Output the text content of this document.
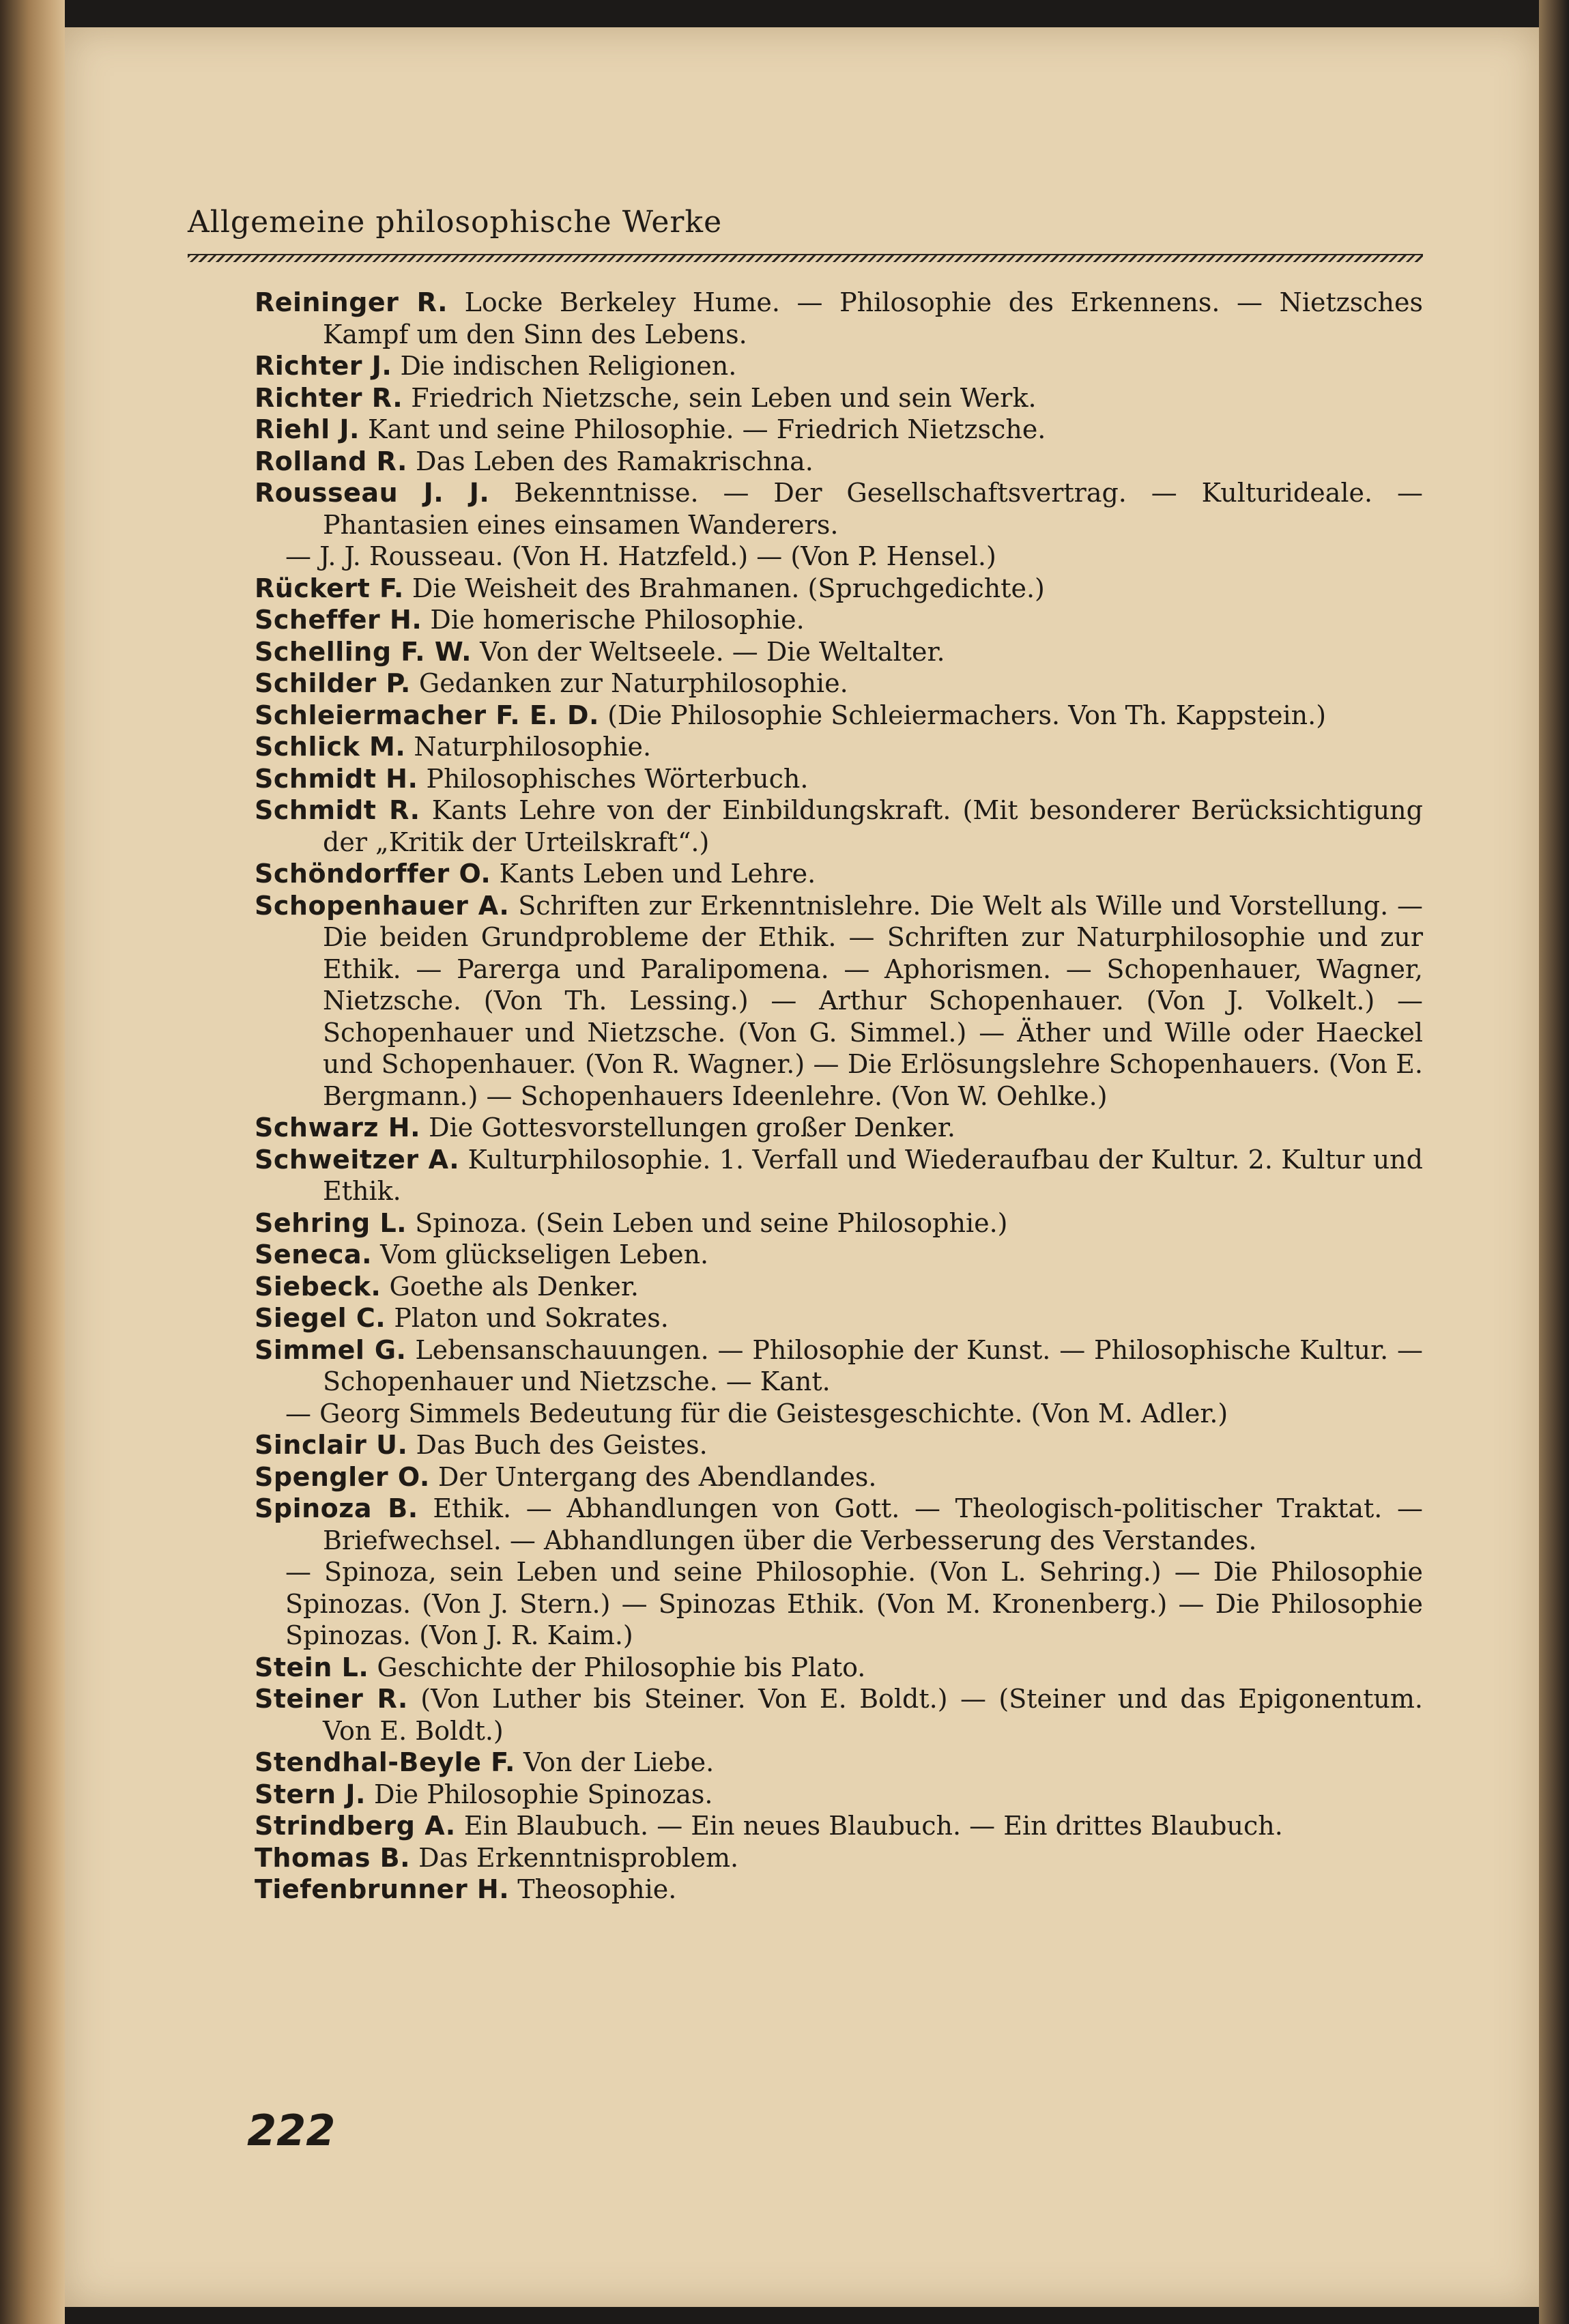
Allgemeine philosophische Werke
Reininger R. Locke Berkeley Hume. — Philosophie des Erkennens. — Nietzsches Kampf um den Sinn des Lebens.
Richter J. Die indischen Religionen.
Richter R. Friedrich Nietzsche, sein Leben und sein Werk.
Riehl J. Kant und seine Philosophie. — Friedrich Nietzsche.
Rolland R. Das Leben des Ramakrischna.
Rousseau J. J. Bekenntnisse. — Der Gesellschaftsvertrag. — Kulturideale. — Phantasien eines einsamen Wanderers.
— J. J. Rousseau. (Von H. Hatzfeld.) — (Von P. Hensel.)
Rückert F. Die Weisheit des Brahmanen. (Spruchgedichte.)
Scheffer H. Die homerische Philosophie.
Schelling F. W. Von der Weltseele. — Die Weltalter.
Schilder P. Gedanken zur Naturphilosophie.
Schleiermacher F. E. D. (Die Philosophie Schleiermachers. Von Th. Kappstein.)
Schlick M. Naturphilosophie.
Schmidt H. Philosophisches Wörterbuch.
Schmidt R. Kants Lehre von der Einbildungskraft. (Mit besonderer Berücksichtigung der „Kritik der Urteilskraft“.)
Schöndorffer O. Kants Leben und Lehre.
Schopenhauer A. Schriften zur Erkenntnislehre. Die Welt als Wille und Vorstellung. — Die beiden Grundprobleme der Ethik. — Schriften zur Naturphilosophie und zur Ethik. — Parerga und Paralipomena. — Aphorismen. — Schopenhauer, Wagner, Nietzsche. (Von Th. Lessing.) — Arthur Schopenhauer. (Von J. Volkelt.) — Schopenhauer und Nietzsche. (Von G. Simmel.) — Äther und Wille oder Haeckel und Schopenhauer. (Von R. Wagner.) — Die Erlösungslehre Schopenhauers. (Von E. Bergmann.) — Schopenhauers Ideenlehre. (Von W. Oehlke.)
Schwarz H. Die Gottesvorstellungen großer Denker.
Schweitzer A. Kulturphilosophie. 1. Verfall und Wiederaufbau der Kultur. 2. Kultur und Ethik.
Sehring L. Spinoza. (Sein Leben und seine Philosophie.)
Seneca. Vom glückseligen Leben.
Siebeck. Goethe als Denker.
Siegel C. Platon und Sokrates.
Simmel G. Lebensanschauungen. — Philosophie der Kunst. — Philosophische Kultur. — Schopenhauer und Nietzsche. — Kant.
— Georg Simmels Bedeutung für die Geistesgeschichte. (Von M. Adler.)
Sinclair U. Das Buch des Geistes.
Spengler O. Der Untergang des Abendlandes.
Spinoza B. Ethik. — Abhandlungen von Gott. — Theologisch-politischer Traktat. — Briefwechsel. — Abhandlungen über die Verbesserung des Verstandes.
— Spinoza, sein Leben und seine Philosophie. (Von L. Sehring.) — Die Philosophie Spinozas. (Von J. Stern.) — Spinozas Ethik. (Von M. Kronenberg.) — Die Philosophie Spinozas. (Von J. R. Kaim.)
Stein L. Geschichte der Philosophie bis Plato.
Steiner R. (Von Luther bis Steiner. Von E. Boldt.) — (Steiner und das Epigonentum. Von E. Boldt.)
Stendhal-Beyle F. Von der Liebe.
Stern J. Die Philosophie Spinozas.
Strindberg A. Ein Blaubuch. — Ein neues Blaubuch. — Ein drittes Blaubuch.
Thomas B. Das Erkenntnisproblem.
Tiefenbrunner H. Theosophie.
222
